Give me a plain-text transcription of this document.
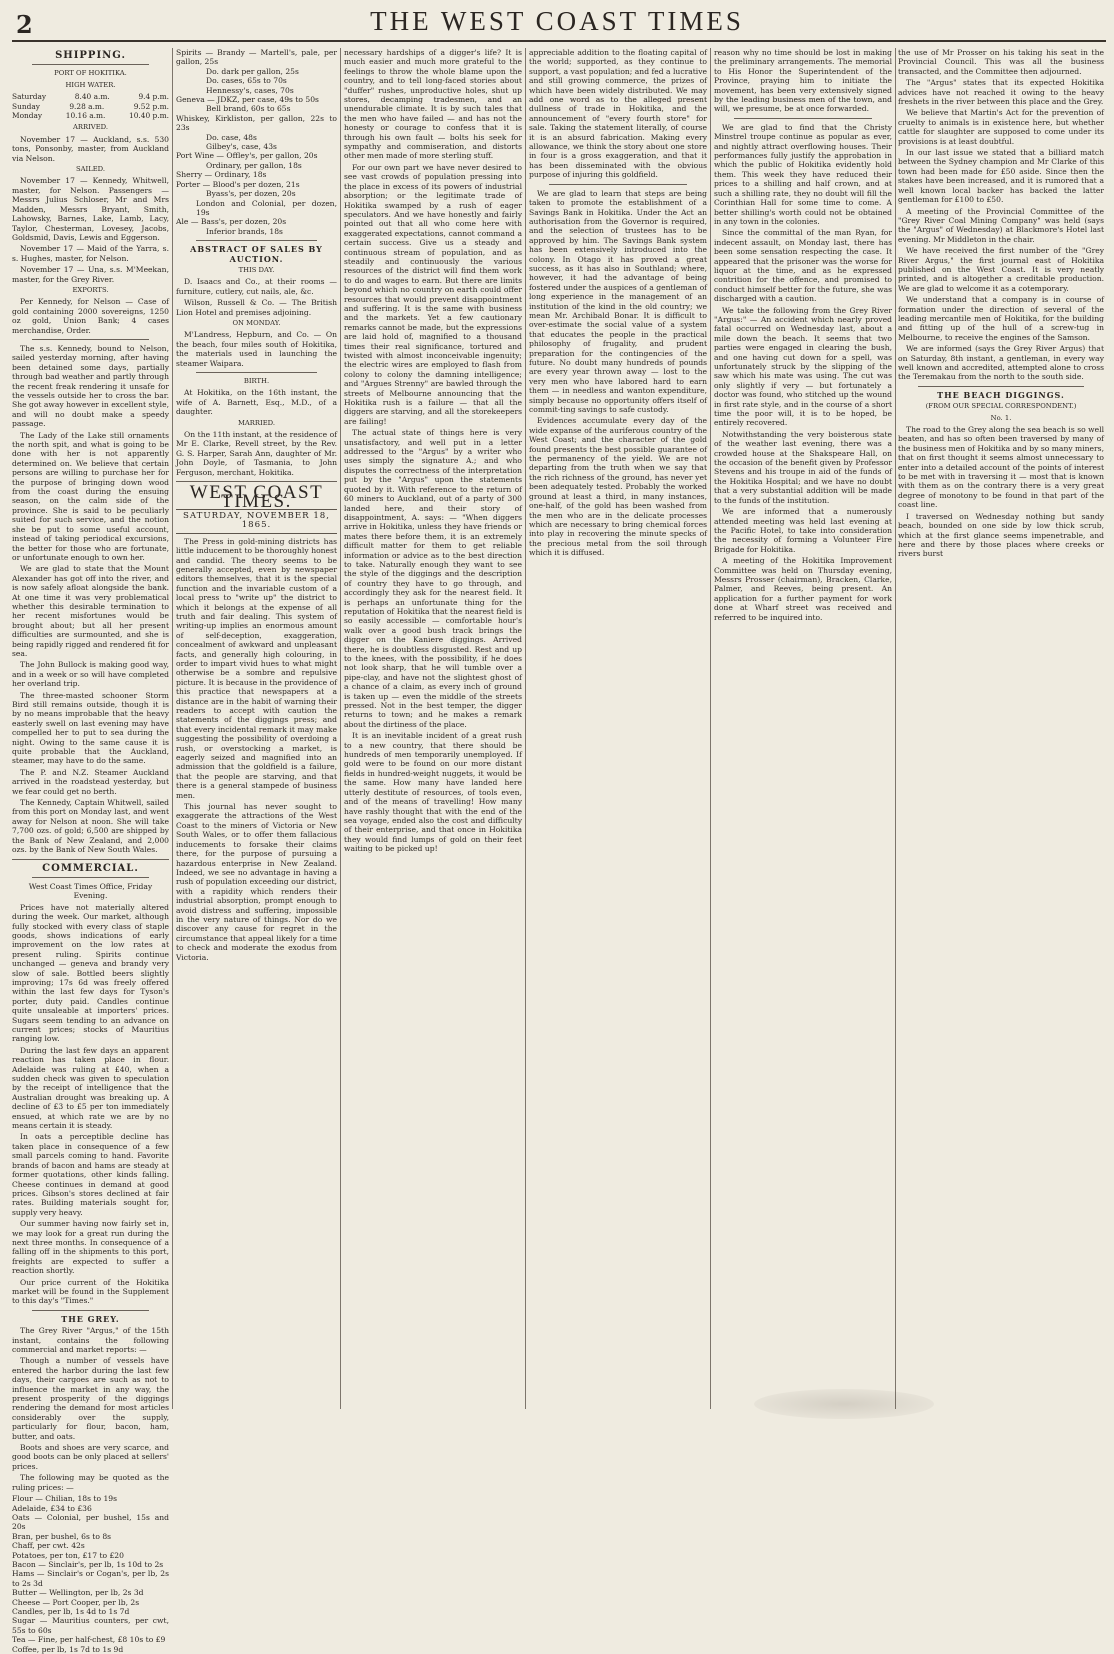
2	THE WEST COAST TIMES
SHIPPING.
PORT OF HOKITIKA.
HIGH WATER.
Saturday	8.40 a.m.	9.4 p.m.
Sunday	9.28 a.m.	9.52 p.m.
Monday	10.16 a.m.	10.40 p.m.
ARRIVED.

November 17 — Auckland, s.s. 530 tons, Ponsonby, master, from Auckland via Nelson.

SAILED.

November 17 — Kennedy, Whitwell, master, for Nelson. Passengers — Messrs Julius Schloser, Mr and Mrs Madden, Messrs Bryant, Smith, Lahowsky, Barnes, Lake, Lamb, Lacy, Taylor, Chesterman, Lovesey, Jacobs, Goldsmid, Davis, Lewis and Eggerson.

November 17 — Maid of the Yarra, s. s. Hughes, master, for Nelson.

November 17 — Una, s.s. M'Meekan, master, for the Grey River.

EXPORTS.

Per Kennedy, for Nelson — Case of gold containing 2000 sovereigns, 1250 oz gold, Union Bank; 4 cases merchandise, Order.

The s.s. Kennedy, bound to Nelson, sailed yesterday morning, after having been detained some days, partially through bad weather and partly through the recent freak rendering it unsafe for the vessels outside her to cross the bar. She got away however in excellent style, and will no doubt make a speedy passage.

The Lady of the Lake still ornaments the north spit, and what is going to be done with her is not apparently determined on. We believe that certain persons are willing to purchase her for the purpose of bringing down wood from the coast during the ensuing season, on the calm side of the province. She is said to be peculiarly suited for such service, and the notion she be put to some useful account, instead of taking periodical excursions, the better for those who are fortunate, or unfortunate enough to own her.

We are glad to state that the Mount Alexander has got off into the river, and is now safely afloat alongside the bank. At one time it was very problematical whether this desirable termination to her recent misfortunes would be brought about; but all her present difficulties are surmounted, and she is being rapidly rigged and rendered fit for sea.

The John Bullock is making good way, and in a week or so will have completed her overland trip.

The three-masted schooner Storm Bird still remains outside, though it is by no means improbable that the heavy easterly swell on last evening may have compelled her to put to sea during the night. Owing to the same cause it is quite probable that the Auckland, steamer, may have to do the same.

The P. and N.Z. Steamer Auckland arrived in the roadstead yesterday, but we fear could get no berth.

The Kennedy, Captain Whitwell, sailed from this port on Monday last, and went away for Nelson at noon. She will take 7,700 ozs. of gold; 6,500 are shipped by the Bank of New Zealand, and 2,000 ozs. by the Bank of New South Wales.

COMMERCIAL.

West Coast Times Office, Friday Evening.

Prices have not materially altered during the week. Our market, although fully stocked with every class of staple goods, shows indications of early improvement on the low rates at present ruling. Spirits continue unchanged — geneva and brandy very slow of sale. Bottled beers slightly improving; 17s 6d was freely offered within the last few days for Tyson's porter, duty paid. Candles continue quite unsaleable at importers' prices. Sugars seem tending to an advance on current prices; stocks of Mauritius ranging low.

During the last few days an apparent reaction has taken place in flour. Adelaide was ruling at £40, when a sudden check was given to speculation by the receipt of intelligence that the Australian drought was breaking up. A decline of £3 to £5 per ton immediately ensued, at which rate we are by no means certain it is steady.

In oats a perceptible decline has taken place in consequence of a few small parcels coming to hand. Favorite brands of bacon and hams are steady at former quotations, other kinds falling. Cheese continues in demand at good prices. Gibson's stores declined at fair rates. Building materials sought for, supply very heavy.

Our summer having now fairly set in, we may look for a great run during the next three months. In consequence of a falling off in the shipments to this port, freights are expected to suffer a reaction shortly.

Our price current of the Hokitika market will be found in the Supplement to this day's "Times."

THE GREY.

The Grey River "Argus," of the 15th instant, contains the following commercial and market reports: —

Though a number of vessels have entered the harbor during the last few days, their cargoes are such as not to influence the market in any way, the present prosperity of the diggings rendering the demand for most articles considerably over the supply, particularly for flour, bacon, ham, butter, and oats.

Boots and shoes are very scarce, and good boots can be only placed at sellers' prices.

The following may be quoted as the ruling prices: —

Flour — Chilian, 18s to 19s
Adelaide, £34 to £36
Oats — Colonial, per bushel, 15s and 20s
Bran, per bushel, 6s to 8s
Chaff, per cwt. 42s
Potatoes, per ton, £17 to £20
Bacon — Sinclair's, per lb, 1s 10d to 2s
Hams — Sinclair's or Cogan's, per lb, 2s to 2s 3d
Butter — Wellington, per lb, 2s 3d
Cheese — Port Cooper, per lb, 2s
Candles, per lb, 1s 4d to 1s 7d
Sugar — Mauritius counters, per cwt, 55s to 60s
Tea — Fine, per half-chest, £8 10s to £9
Coffee, per lb, 1s 7d to 1s 9d
Spirits — Brandy — Martell's, pale, per gallon, 25s
Do. dark per gallon, 25s
Do. cases, 65s to 70s
Hennessy's, cases, 70s
Geneva — JDKZ, per case, 49s to 50s
Bell brand, 60s to 65s
Whiskey, Kirkliston, per gallon, 22s to 23s
Do. case, 48s
Gilbey's, case, 43s
Port Wine — Offley's, per gallon, 20s
Ordinary, per gallon, 18s
Sherry — Ordinary, 18s
Porter — Blood's per dozen, 21s
Byass's, per dozen, 20s
London and Colonial, per dozen, 19s
Ale — Bass's, per dozen, 20s
Inferior brands, 18s
ABSTRACT OF SALES BY AUCTION.
THIS DAY.

D. Isaacs and Co., at their rooms — furniture, cutlery, cut nails, ale, &c.

Wilson, Russell & Co. — The British Lion Hotel and premises adjoining.

ON MONDAY.

M'Landress, Hepburn, and Co. — On the beach, four miles south of Hokitika, the materials used in launching the steamer Waipara.

BIRTH.

At Hokitika, on the 16th instant, the wife of A. Barnett, Esq., M.D., of a daughter.

MARRIED.

On the 11th instant, at the residence of Mr E. Clarke, Revell street, by the Rev. G. S. Harper, Sarah Ann, daughter of Mr. John Doyle, of Tasmania, to John Ferguson, merchant, Hokitika.

WEST COAST TIMES.
SATURDAY, NOVEMBER 18, 1865.

The Press in gold-mining districts has little inducement to be thoroughly honest and candid. The theory seems to be generally accepted, even by newspaper editors themselves, that it is the special function and the invariable custom of a local press to "write up" the district to which it belongs at the expense of all truth and fair dealing. This system of writing-up implies an enormous amount of self-deception, exaggeration, concealment of awkward and unpleasant facts, and generally high colouring, in order to impart vivid hues to what might otherwise be a sombre and repulsive picture. It is because in the providence of this practice that newspapers at a distance are in the habit of warning their readers to accept with caution the statements of the diggings press; and that every incidental remark it may make suggesting the possibility of overdoing a rush, or overstocking a market, is eagerly seized and magnified into an admission that the goldfield is a failure, that the people are starving, and that there is a general stampede of business men.

This journal has never sought to exaggerate the attractions of the West Coast to the miners of Victoria or New South Wales, or to offer them fallacious inducements to forsake their claims there, for the purpose of pursuing a hazardous enterprise in New Zealand. Indeed, we see no advantage in having a rush of population exceeding our district, with a rapidity which renders their industrial absorption, prompt enough to avoid distress and suffering, impossible in the very nature of things. Nor do we discover any cause for regret in the circumstance that appeal likely for a time to check and moderate the exodus from Victoria.

necessary hardships of a digger's life? It is much easier and much more grateful to the feelings to throw the whole blame upon the country, and to tell long-faced stories about "duffer" rushes, unproductive holes, shut up stores, decamping tradesmen, and an unendurable climate. It is by such tales that the men who have failed — and has not the honesty or courage to confess that it is through his own fault — bolts his seek for sympathy and commiseration, and distorts other men made of more sterling stuff.

For our own part we have never desired to see vast crowds of population pressing into the place in excess of its powers of industrial absorption; or the legitimate trade of Hokitika swamped by a rush of eager speculators. And we have honestly and fairly pointed out that all who come here with exaggerated expectations, cannot command a certain success. Give us a steady and continuous stream of population, and as steadily and continuously the various resources of the district will find them work to do and wages to earn. But there are limits beyond which no country on earth could offer resources that would prevent disappointment and suffering. It is the same with business and the markets. Yet a few cautionary remarks cannot be made, but the expressions are laid hold of, magnified to a thousand times their real significance, tortured and twisted with almost inconceivable ingenuity; the electric wires are employed to flash from colony to colony the damning intelligence; and "Argues Strenny" are bawled through the streets of Melbourne announcing that the Hokitika rush is a failure — that all the diggers are starving, and all the storekeepers are failing!

The actual state of things here is very unsatisfactory, and well put in a letter addressed to the "Argus" by a writer who uses simply the signature A.; and who disputes the correctness of the interpretation put by the "Argus" upon the statements quoted by it. With reference to the return of 60 miners to Auckland, out of a party of 300 landed here, and their story of disappointment, A. says: — "When diggers arrive in Hokitika, unless they have friends or mates there before them, it is an extremely difficult matter for them to get reliable information or advice as to the best direction to take. Naturally enough they want to see the style of the diggings and the description of country they have to go through, and accordingly they ask for the nearest field. It is perhaps an unfortunate thing for the reputation of Hokitika that the nearest field is so easily accessible — comfortable hour's walk over a good bush track brings the digger on the Kaniere diggings. Arrived there, he is doubtless disgusted. Rest and up to the knees, with the possibility, if he does not look sharp, that he will tumble over a pipe-clay, and have not the slightest ghost of a chance of a claim, as every inch of ground is taken up — even the middle of the streets pressed. Not in the best temper, the digger returns to town; and he makes a remark about the dirtiness of the place.

It is an inevitable incident of a great rush to a new country, that there should be hundreds of men temporarily unemployed. If gold were to be found on our more distant fields in hundred-weight nuggets, it would be the same. How many have landed here utterly destitute of resources, of tools even, and of the means of travelling! How many have rashly thought that with the end of the sea voyage, ended also the cost and difficulty of their enterprise, and that once in Hokitika they would find lumps of gold on their feet waiting to be picked up!

appreciable addition to the floating capital of the world; supported, as they continue to support, a vast population; and fed a lucrative and still growing commerce, the prizes of which have been widely distributed. We may add one word as to the alleged present dullness of trade in Hokitika, and the announcement of "every fourth store" for sale. Taking the statement literally, of course it is an absurd fabrication. Making every allowance, we think the story about one store in four is a gross exaggeration, and that it has been disseminated with the obvious purpose of injuring this goldfield.

We are glad to learn that steps are being taken to promote the establishment of a Savings Bank in Hokitika. Under the Act an authorisation from the Governor is required, and the selection of trustees has to be approved by him. The Savings Bank system has been extensively introduced into the colony. In Otago it has proved a great success, as it has also in Southland; where, however, it had the advantage of being fostered under the auspices of a gentleman of long experience in the management of an institution of the kind in the old country; we mean Mr. Archibald Bonar. It is difficult to over-estimate the social value of a system that educates the people in the practical philosophy of frugality, and prudent preparation for the contingencies of the future. No doubt many hundreds of pounds are every year thrown away — lost to the very men who have labored hard to earn them — in needless and wanton expenditure, simply because no opportunity offers itself of commit-ting savings to safe custody.

Evidences accumulate every day of the wide expanse of the auriferous country of the West Coast; and the character of the gold found presents the best possible guarantee of the permanency of the yield. We are not departing from the truth when we say that the rich richness of the ground, has never yet been adequately tested. Probably the worked ground at least a third, in many instances, one-half, of the gold has been washed from the men who are in the delicate processes which are necessary to bring chemical forces into play in recovering the minute specks of the precious metal from the soil through which it is diffused.

reason why no time should be lost in making the preliminary arrangements. The memorial to His Honor the Superintendent of the Province, praying him to initiate the movement, has been very extensively signed by the leading business men of the town, and will, we presume, be at once forwarded.

We are glad to find that the Christy Minstrel troupe continue as popular as ever, and nightly attract overflowing houses. Their performances fully justify the approbation in which the public of Hokitika evidently hold them. This week they have reduced their prices to a shilling and half crown, and at such a shilling rate, they no doubt will fill the Corinthian Hall for some time to come. A better shilling's worth could not be obtained in any town in the colonies.

Since the committal of the man Ryan, for indecent assault, on Monday last, there has been some sensation respecting the case. It appeared that the prisoner was the worse for liquor at the time, and as he expressed contrition for the offence, and promised to conduct himself better for the future, she was discharged with a caution.

We take the following from the Grey River "Argus:" — An accident which nearly proved fatal occurred on Wednesday last, about a mile down the beach. It seems that two parties were engaged in clearing the bush, and one having cut down for a spell, was unfortunately struck by the slipping of the saw which his mate was using. The cut was only slightly if very — but fortunately a doctor was found, who stitched up the wound in first rate style, and in the course of a short time the poor will, it is to be hoped, be entirely recovered.

Notwithstanding the very boisterous state of the weather last evening, there was a crowded house at the Shakspeare Hall, on the occasion of the benefit given by Professor Stevens and his troupe in aid of the funds of the Hokitika Hospital; and we have no doubt that a very substantial addition will be made to the funds of the institution.

We are informed that a numerously attended meeting was held last evening at the Pacific Hotel, to take into consideration the necessity of forming a Volunteer Fire Brigade for Hokitika.

A meeting of the Hokitika Improvement Committee was held on Thursday evening, Messrs Prosser (chairman), Bracken, Clarke, Palmer, and Reeves, being present. An application for a further payment for work done at Wharf street was received and referred to be inquired into.

the use of Mr Prosser on his taking his seat in the Provincial Council. This was all the business transacted, and the Committee then adjourned.

The "Argus" states that its expected Hokitika advices have not reached it owing to the heavy freshets in the river between this place and the Grey.

We believe that Martin's Act for the prevention of cruelty to animals is in existence here, but whether cattle for slaughter are supposed to come under its provisions is at least doubtful.

In our last issue we stated that a billiard match between the Sydney champion and Mr Clarke of this town had been made for £50 aside. Since then the stakes have been increased, and it is rumored that a well known local backer has backed the latter gentleman for £100 to £50.

A meeting of the Provincial Committee of the "Grey River Coal Mining Company" was held (says the "Argus" of Wednesday) at Blackmore's Hotel last evening. Mr Middleton in the chair.

We have received the first number of the "Grey River Argus," the first journal east of Hokitika published on the West Coast. It is very neatly printed, and is altogether a creditable production. We are glad to welcome it as a cotemporary.

We understand that a company is in course of formation under the direction of several of the leading mercantile men of Hokitika, for the building and fitting up of the hull of a screw-tug in Melbourne, to receive the engines of the Samson.

We are informed (says the Grey River Argus) that on Saturday, 8th instant, a gentleman, in every way well known and accredited, attempted alone to cross the Teremakau from the north to the south side.

THE BEACH DIGGINGS.
(FROM OUR SPECIAL CORRESPONDENT.)
No. 1.

The road to the Grey along the sea beach is so well beaten, and has so often been traversed by many of the business men of Hokitika and by so many miners, that on first thought it seems almost unnecessary to enter into a detailed account of the points of interest to be met with in traversing it — most that is known with them as on the contrary there is a very great degree of monotony to be found in that part of the coast line.

I traversed on Wednesday nothing but sandy beach, bounded on one side by low thick scrub, which at the first glance seems impenetrable, and here and there by those places where creeks or rivers burst
